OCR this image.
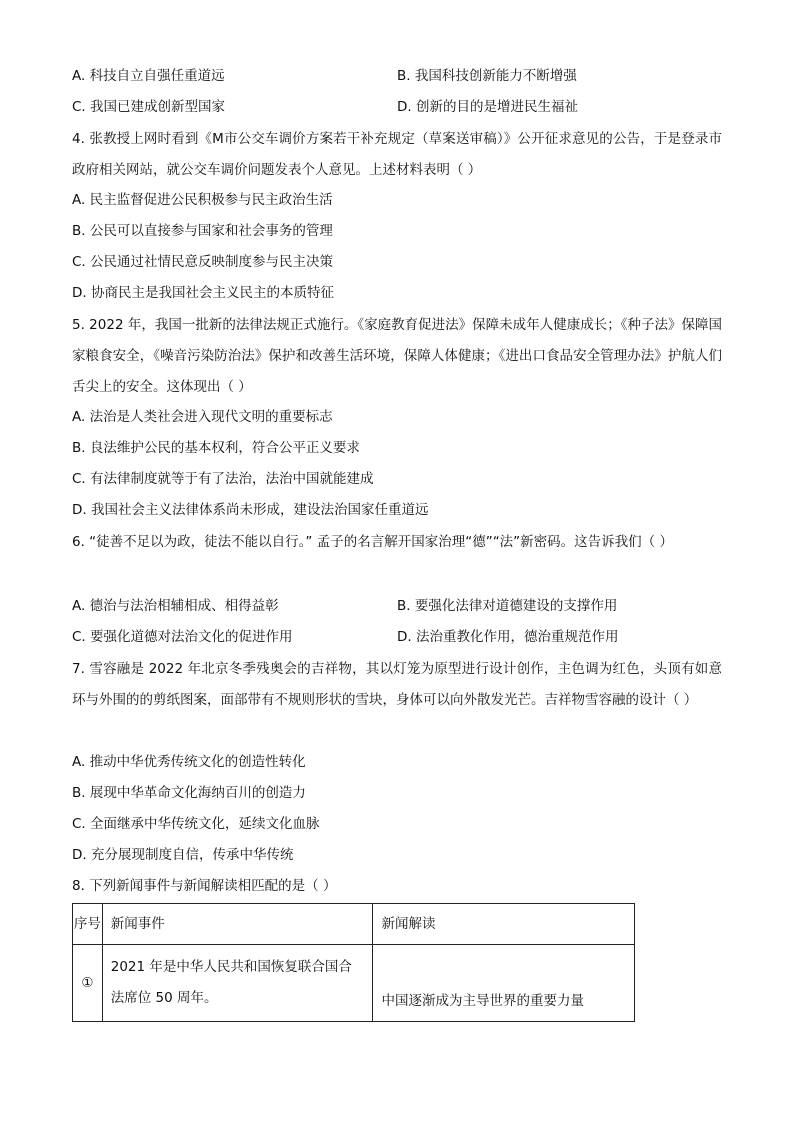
A. 科技自立自强任重道远	B. 我国科技创新能力不断增强
C. 我国已建成创新型国家	D. 创新的目的是增进民生福祉
4. 张教授上网时看到《M市公交车调价方案若干补充规定（草案送审稿）》公开征求意见的公告，于是登录市政府相关网站，就公交车调价问题发表个人意见。上述材料表明（ ）
A. 民主监督促进公民积极参与民主政治生活
B. 公民可以直接参与国家和社会事务的管理
C. 公民通过社情民意反映制度参与民主决策
D. 协商民主是我国社会主义民主的本质特征
5. 2022 年，我国一批新的法律法规正式施行。《家庭教育促进法》保障未成年人健康成长；《种子法》保障国家粮食安全，《噪音污染防治法》保护和改善生活环境，保障人体健康；《进出口食品安全管理办法》护航人们舌尖上的安全。这体现出（ ）
A. 法治是人类社会进入现代文明的重要标志
B. 良法维护公民的基本权利，符合公平正义要求
C. 有法律制度就等于有了法治，法治中国就能建成
D. 我国社会主义法律体系尚未形成，建设法治国家任重道远
6. “徒善不足以为政，徒法不能以自行。” 孟子的名言解开国家治理“德”“法”新密码。这告诉我们（ ）
A. 德治与法治相辅相成、相得益彰	B. 要强化法律对道德建设的支撑作用
C. 要强化道德对法治文化的促进作用	D. 法治重教化作用，德治重规范作用
7. 雪容融是 2022 年北京冬季残奥会的吉祥物，其以灯笼为原型进行设计创作，主色调为红色，头顶有如意环与外围的的剪纸图案，面部带有不规则形状的雪块，身体可以向外散发光芒。吉祥物雪容融的设计（ ）
A. 推动中华优秀传统文化的创造性转化
B. 展现中华革命文化海纳百川的创造力
C. 全面继承中华传统文化，延续文化血脉
D. 充分展现制度自信，传承中华传统
8. 下列新闻事件与新闻解读相匹配的是（ ）
序号	新闻事件	新闻解读
①	2021 年是中华人民共和国恢复联合国合法席位 50 周年。	中国逐渐成为主导世界的重要力量
